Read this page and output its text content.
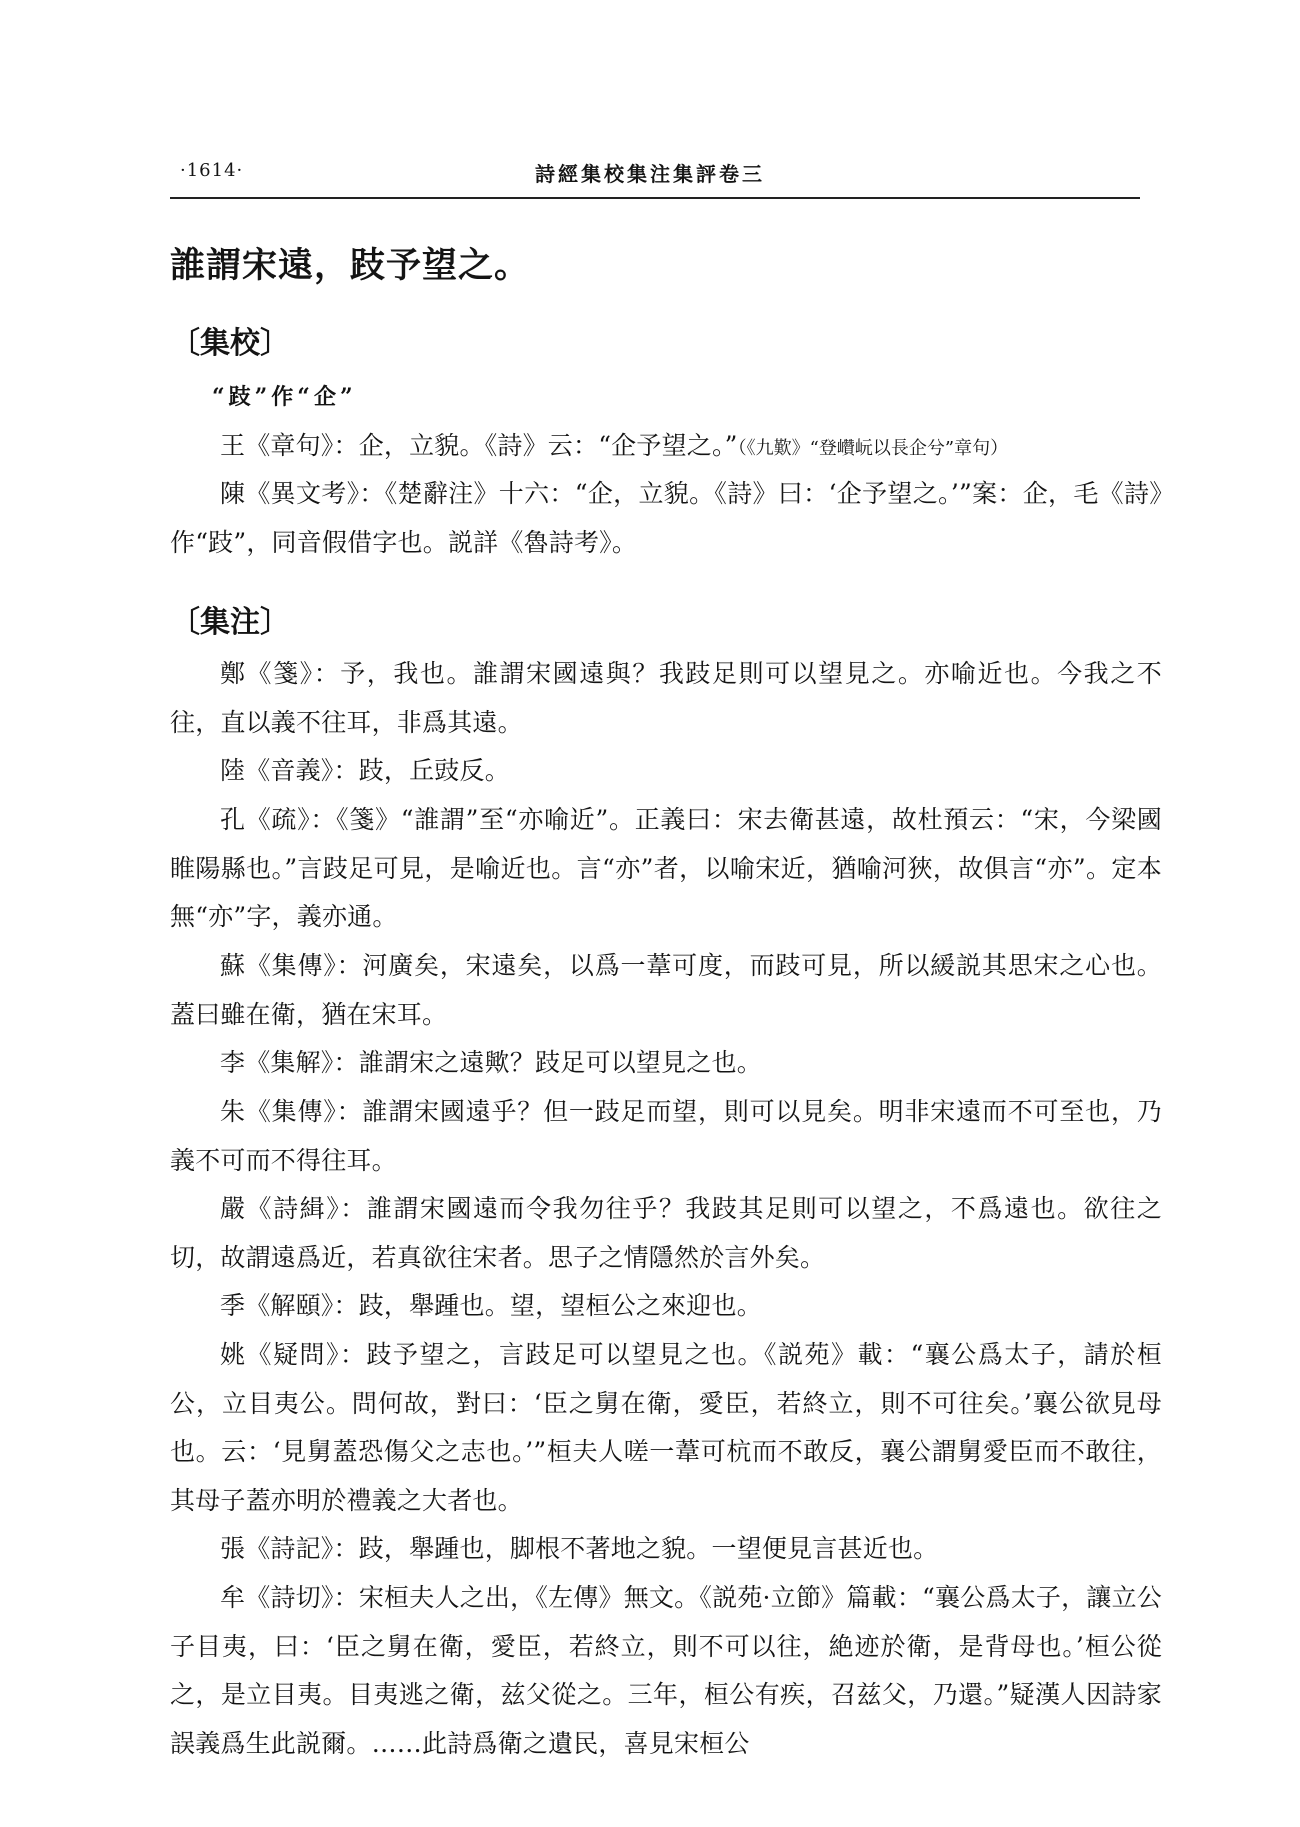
·1614·	詩經集校集注集評卷三
誰謂宋遠，跂予望之。
〔集校〕
“跂”作“企”

王《章句》：企，立貌。《詩》云：“企予望之。”（《九歎》“登巑岏以長企兮”章句）

陳《異文考》：《楚辭注》十六：“企，立貌。《詩》曰：‘企予望之。’”案：企，毛《詩》作“跂”，同音假借字也。説詳《魯詩考》。

〔集注〕

鄭《箋》：予，我也。誰謂宋國遠與？我跂足則可以望見之。亦喻近也。今我之不往，直以義不往耳，非爲其遠。

陸《音義》：跂，丘豉反。

孔《疏》：《箋》“誰謂”至“亦喻近”。正義曰：宋去衛甚遠，故杜預云：“宋，今梁國睢陽縣也。”言跂足可見，是喻近也。言“亦”者，以喻宋近，猶喻河狹，故俱言“亦”。定本無“亦”字，義亦通。

蘇《集傳》：河廣矣，宋遠矣，以爲一葦可度，而跂可見，所以緩説其思宋之心也。蓋曰雖在衛，猶在宋耳。

李《集解》：誰謂宋之遠歟？跂足可以望見之也。

朱《集傳》：誰謂宋國遠乎？但一跂足而望，則可以見矣。明非宋遠而不可至也，乃義不可而不得往耳。

嚴《詩緝》：誰謂宋國遠而令我勿往乎？我跂其足則可以望之，不爲遠也。欲往之切，故謂遠爲近，若真欲往宋者。思子之情隱然於言外矣。

季《解頤》：跂，舉踵也。望，望桓公之來迎也。

姚《疑問》：跂予望之，言跂足可以望見之也。《説苑》載：“襄公爲太子，請於桓公，立目夷公。問何故，對曰：‘臣之舅在衛，愛臣，若終立，則不可往矣。’襄公欲見母也。云：‘見舅蓋恐傷父之志也。’”桓夫人嗟一葦可杭而不敢反，襄公謂舅愛臣而不敢往，其母子蓋亦明於禮義之大者也。

張《詩記》：跂，舉踵也，脚根不著地之貌。一望便見言甚近也。

牟《詩切》：宋桓夫人之出，《左傳》無文。《説苑·立節》篇載：“襄公爲太子，讓立公子目夷，曰：‘臣之舅在衛，愛臣，若終立，則不可以往，絶迹於衛，是背母也。’桓公從之，是立目夷。目夷逃之衛，兹父從之。三年，桓公有疾，召兹父，乃還。”疑漢人因詩家誤義爲生此説爾。……此詩爲衛之遺民，喜見宋桓公
